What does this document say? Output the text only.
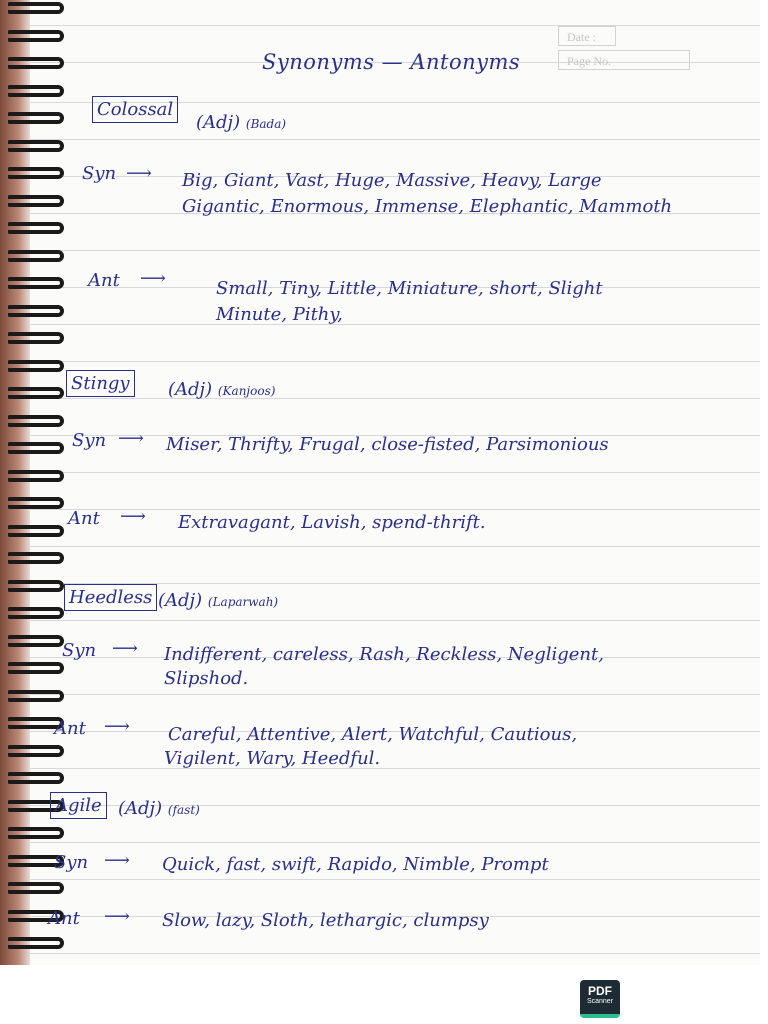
Date :
Page No.
Synonyms — Antonyms
Colossal
(Adj) (Bada)
Syn ⟶ Big, Giant, Vast, Huge, Massive, Heavy, Large
Gigantic, Enormous, Immense, Elephantic, Mammoth
Ant ⟶	Small, Tiny, Little, Miniature, short, Slight
Minute, Pithy,
Stingy (Adj) (Kanjoos)
Syn ⟶ Miser, Thrifty, Frugal, close-fisted, Parsimonious
Ant ⟶ Extravagant, Lavish, spend-thrift.
Heedless (Adj) (Laparwah)
Syn ⟶ Indifferent, careless, Rash, Reckless, Negligent,
Slipshod.
Ant ⟶ Careful, Attentive, Alert, Watchful, Cautious,
Vigilent, Wary, Heedful.
Agile (Adj) (fast)
Syn ⟶ Quick, fast, swift, Rapido, Nimble, Prompt
Ant ⟶ Slow, lazy, Sloth, lethargic, clumpsy
PDF
Scanner
